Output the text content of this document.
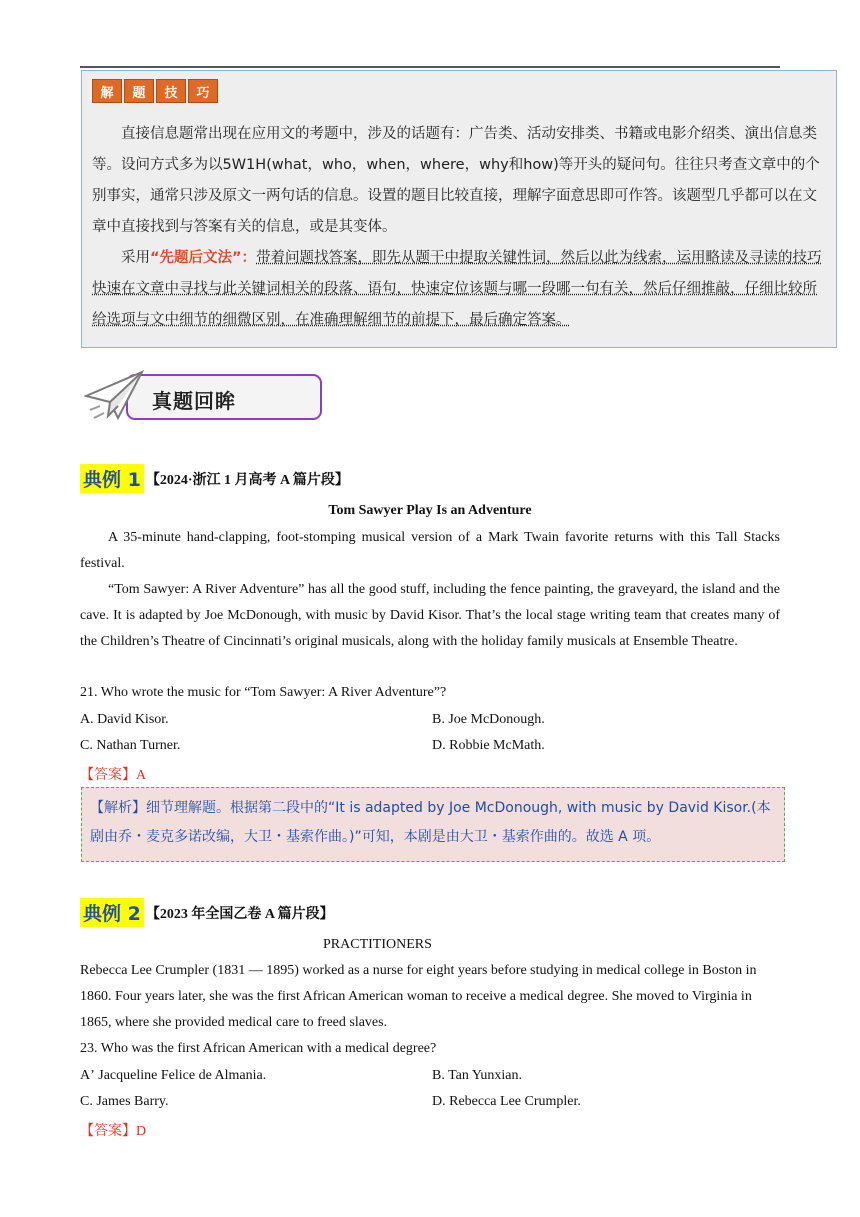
解	题	技	巧

直接信息题常出现在应用文的考题中，涉及的话题有：广告类、活动安排类、书籍或电影介绍类、演出信息类等。设问方式多为以5W1H(what，who，when，where，why和how)等开头的疑问句。往往只考查文章中的个别事实，通常只涉及原文一两句话的信息。设置的题目比较直接，理解字面意思即可作答。该题型几乎都可以在文章中直接找到与答案有关的信息，或是其变体。

采用“先题后文法”：带着问题找答案，即先从题干中提取关键性词，然后以此为线索，运用略读及寻读的技巧快速在文章中寻找与此关键词相关的段落、语句，快速定位该题与哪一段哪一句有关，然后仔细推敲，仔细比较所给选项与文中细节的细微区别，在准确理解细节的前提下，最后确定答案。

真题回眸
典例 1 【2024·浙江 1 月高考 A 篇片段】
Tom Sawyer Play Is an Adventure
A 35-minute hand-clapping, foot-stomping musical version of a Mark Twain favorite returns with this Tall Stacks festival.
“Tom Sawyer: A River Adventure” has all the good stuff, including the fence painting, the graveyard, the island and the cave. It is adapted by Joe McDonough, with music by David Kisor. That’s the local stage writing team that creates many of the Children’s Theatre of Cincinnati’s original musicals, along with the holiday family musicals at Ensemble Theatre.
21. Who wrote the music for “Tom Sawyer: A River Adventure”?
A. David Kisor.	B. Joe McDonough.
C. Nathan Turner.	D. Robbie McMath.
【答案】A
【解析】细节理解题。根据第二段中的“It is adapted by Joe McDonough, with music by David Kisor.(本剧由乔・麦克多诺改编，大卫・基索作曲。)”可知，本剧是由大卫・基索作曲的。故选 A 项。
典例 2 【2023 年全国乙卷 A 篇片段】
PRACTITIONERS
Rebecca Lee Crumpler (1831 — 1895) worked as a nurse for eight years before studying in medical college in Boston in 1860. Four years later, she was the first African American woman to receive a medical degree. She moved to Virginia in 1865, where she provided medical care to freed slaves.
23. Who was the first African American with a medical degree?
Aʼ Jacqueline Felice de Almania.	B. Tan Yunxian.
C. James Barry.	D. Rebecca Lee Crumpler.
【答案】D
